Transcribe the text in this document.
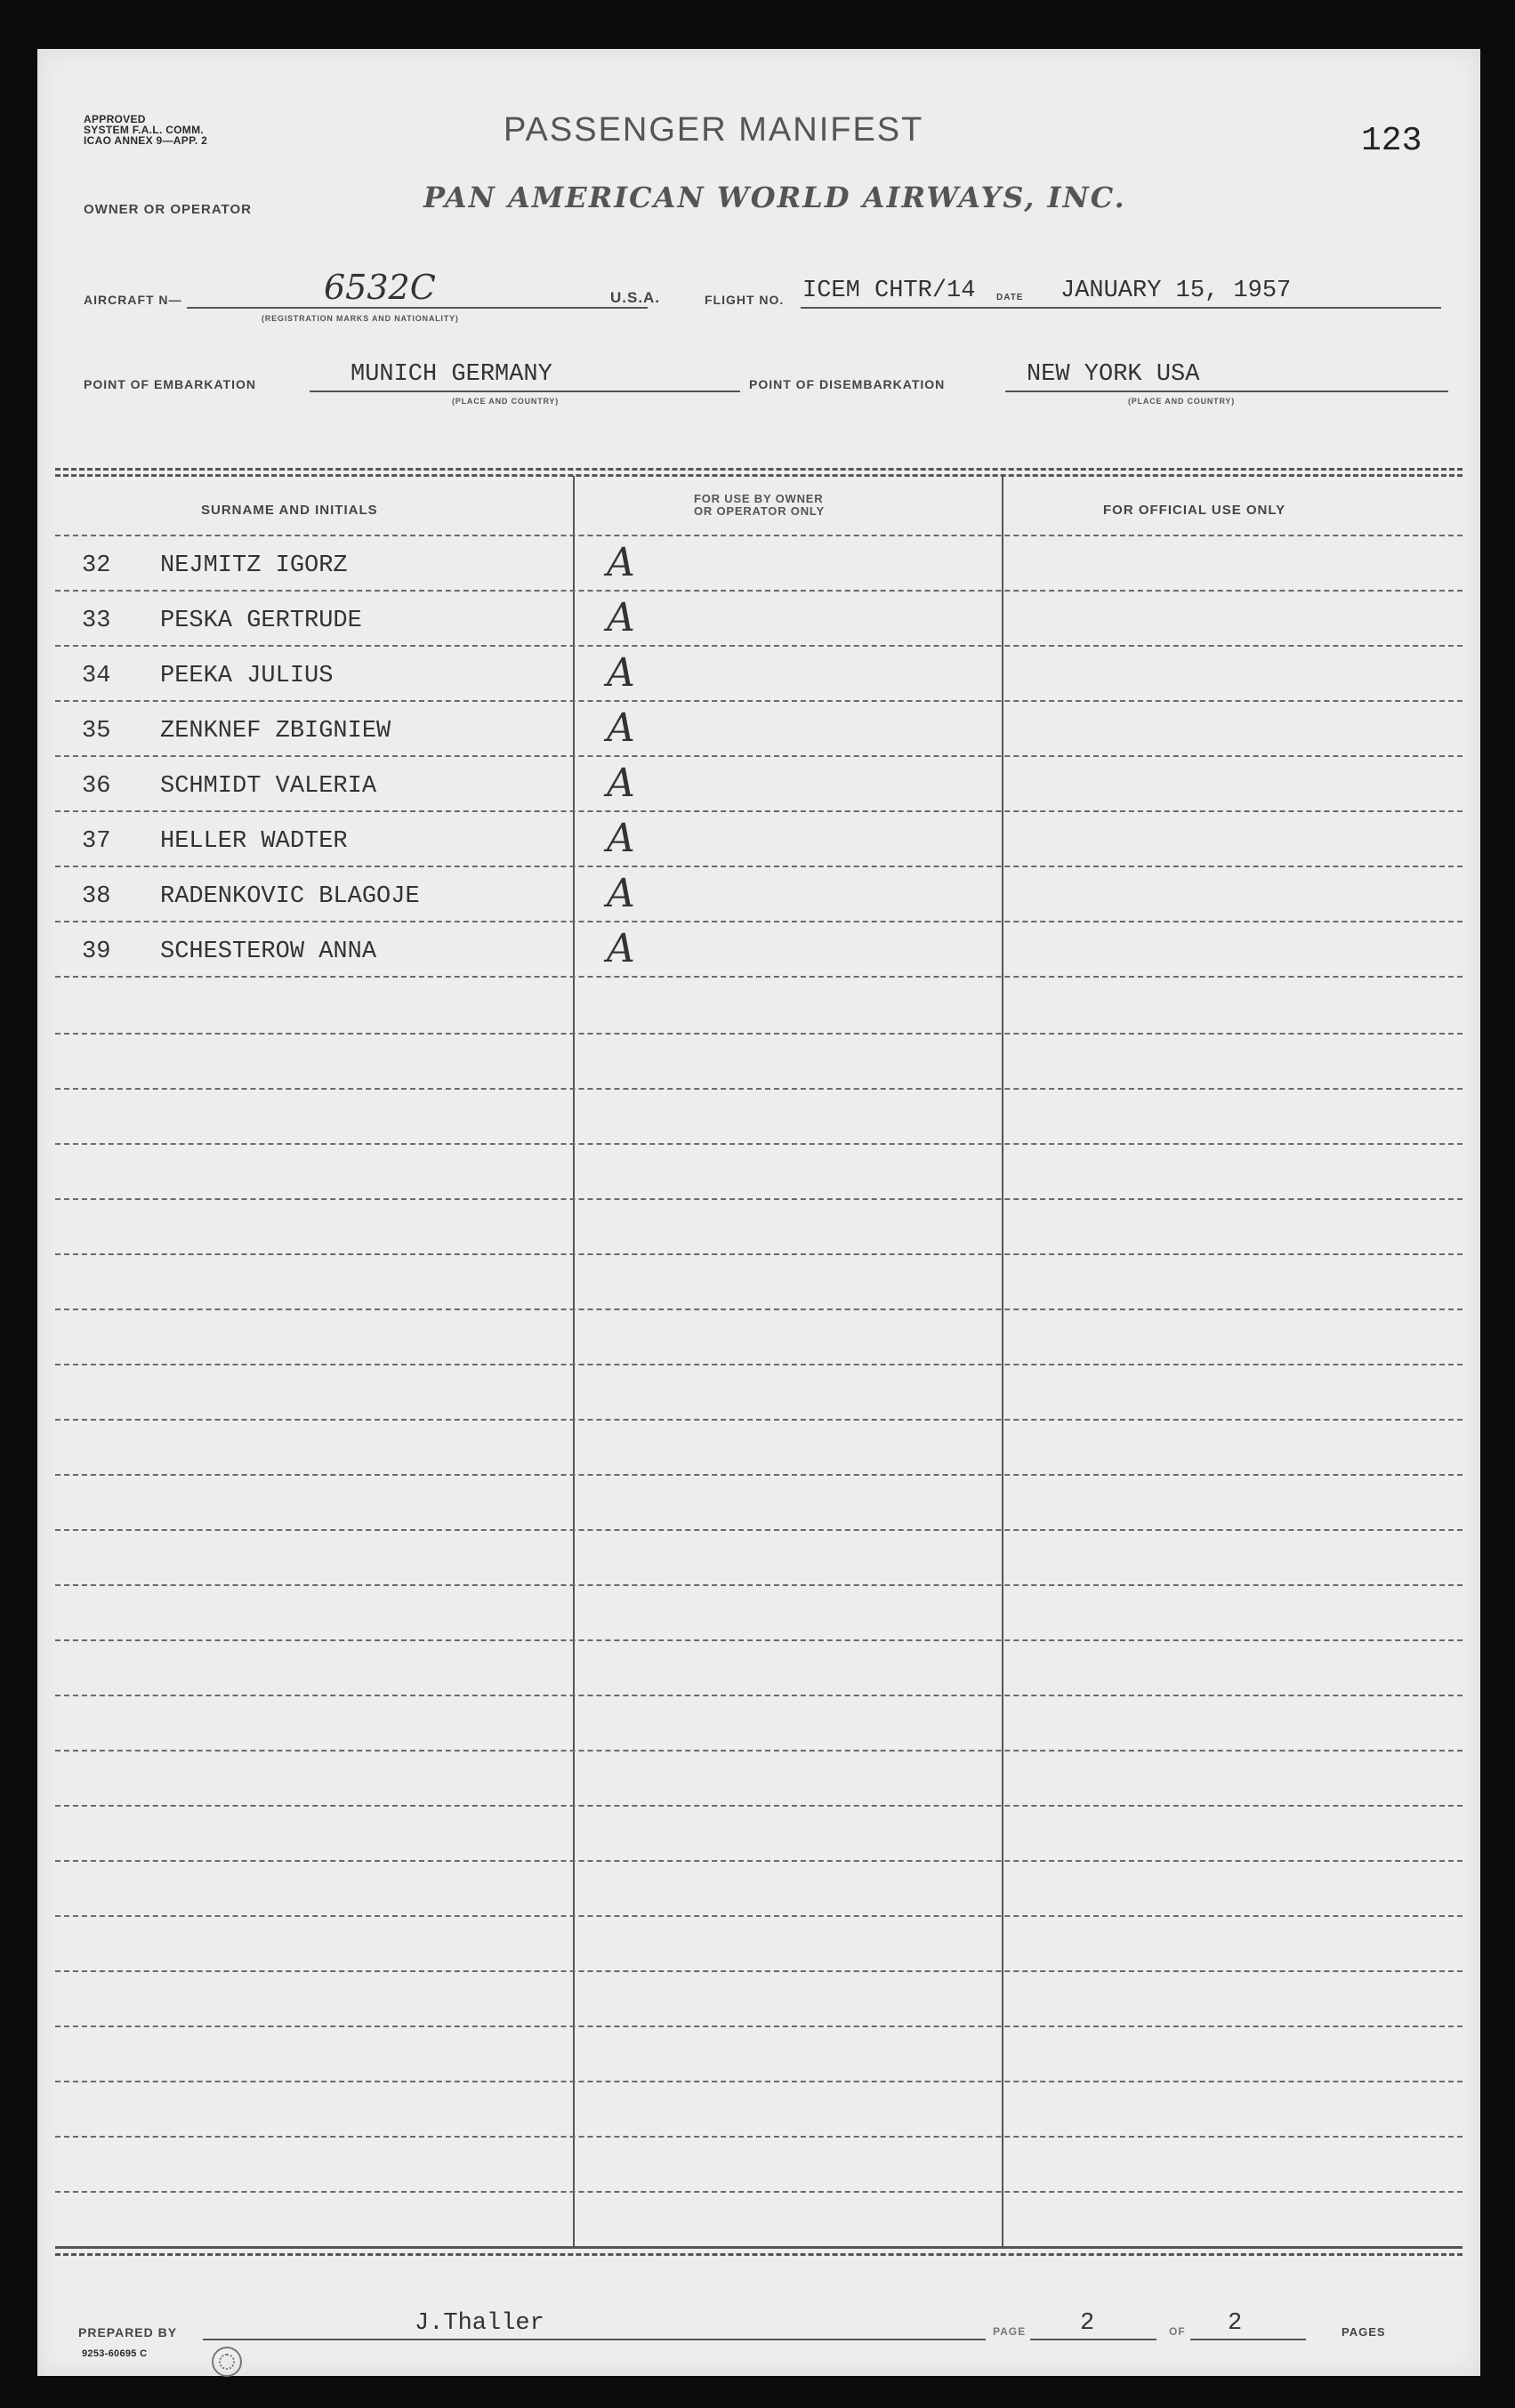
APPROVED
SYSTEM F.A.L. COMM.
ICAO ANNEX 9—APP. 2	PASSENGER MANIFEST	123
OWNER OR OPERATOR	PAN AMERICAN WORLD AIRWAYS, INC.
AIRCRAFT N—	6532C
(REGISTRATION MARKS AND NATIONALITY)
U.S.A.	FLIGHT NO. ICEM CHTR/14 DATE JANUARY 15, 1957
POINT OF EMBARKATION	MUNICH GERMANY
(PLACE AND COUNTRY)
POINT OF DISEMBARKATION	NEW YORK USA
(PLACE AND COUNTRY)
SURNAME AND INITIALS
FOR USE BY OWNER
OR OPERATOR ONLY	FOR OFFICIAL USE ONLY
32	NEJMITZ IGORZ	A
33	PESKA GERTRUDE	A
34	PEEKA JULIUS	A
35	ZENKNEF ZBIGNIEW	A
36	SCHMIDT VALERIA	A
37	HELLER WADTER	A
38	RADENKOVIC BLAGOJE	A
39	SCHESTEROW ANNA	A
PREPARED BY	J.Thaller
9253-60695 C
PAGE 2	OF 2	PAGES
